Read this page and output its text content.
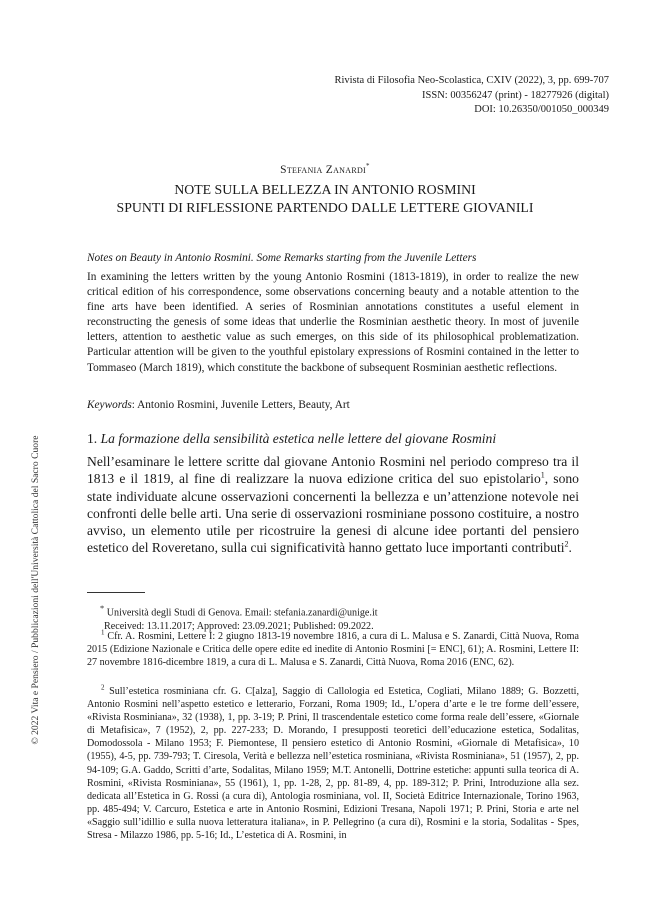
© 2022 Vita e Pensiero / Pubblicazioni dell'Università Cattolica del Sacro Cuore
Rivista di Filosofia Neo-Scolastica, CXIV (2022), 3, pp. 699-707
ISSN: 00356247 (print) - 18277926 (digital)
DOI: 10.26350/001050_000349
Stefania Zanardi*
NOTE SULLA BELLEZZA IN ANTONIO ROSMINI
SPUNTI DI RIFLESSIONE PARTENDO DALLE LETTERE GIOVANILI
Notes on Beauty in Antonio Rosmini. Some Remarks starting from the Juvenile Letters

In examining the letters written by the young Antonio Rosmini (1813-1819), in order to realize the new critical edition of his correspondence, some observations concerning beauty and a notable attention to the fine arts have been identified. A series of Rosminian annotations constitutes a useful element in reconstructing the genesis of some ideas that underlie the Rosminian aesthetic theory. In most of juvenile letters, attention to aesthetic value as such emerges, on this side of its philosophical problematization. Particular attention will be given to the youthful epistolary expressions of Rosmini contained in the letter to Tommaseo (March 1819), which constitute the backbone of subsequent Rosminian aesthetic reflections.

Keywords: Antonio Rosmini, Juvenile Letters, Beauty, Art
1. La formazione della sensibilità estetica nelle lettere del giovane Rosmini

Nell’esaminare le lettere scritte dal giovane Antonio Rosmini nel periodo compreso tra il 1813 e il 1819, al fine di realizzare la nuova edizione critica del suo epistolario$^1$, sono state individuate alcune osservazioni concernenti la bellezza e un’attenzione notevole nei confronti delle belle arti. Una serie di osservazioni rosminiane possono costituire, a nostro avviso, un elemento utile per ricostruire la genesi di alcune idee portanti del pensiero estetico del Roveretano, sulla cui significatività hanno gettato luce importanti contributi$^2$.

* Università degli Studi di Genova. Email: stefania.zanardi@unige.it
Received: 13.11.2017; Approved: 23.09.2021; Published: 09.2022.

$^1$ Cfr. A. Rosmini, Lettere I: 2 giugno 1813-19 novembre 1816, a cura di L. Malusa e S. Zanardi, Città Nuova, Roma 2015 (Edizione Nazionale e Critica delle opere edite ed inedite di Antonio Rosmini [= ENC], 61); A. Rosmini, Lettere II: 27 novembre 1816-dicembre 1819, a cura di L. Malusa e S. Zanardi, Città Nuova, Roma 2016 (ENC, 62).

$^2$ Sull’estetica rosminiana cfr. G. C[alza], Saggio di Callologia ed Estetica, Cogliati, Milano 1889; G. Bozzetti, Antonio Rosmini nell’aspetto estetico e letterario, Forzani, Roma 1909; Id., L’opera d’arte e le tre forme dell’essere, «Rivista Rosminiana», 32 (1938), 1, pp. 3-19; P. Prini, Il trascendentale estetico come forma reale dell’essere, «Giornale di Metafisica», 7 (1952), 2, pp. 227-233; D. Morando, I presupposti teoretici dell’educazione estetica, Sodalitas, Domodossola - Milano 1953; F. Piemontese, Il pensiero estetico di Antonio Rosmini, «Giornale di Metafisica», 10 (1955), 4-5, pp. 739-793; T. Ciresola, Verità e bellezza nell’estetica rosminiana, «Rivista Rosminiana», 51 (1957), 2, pp. 94-109; G.A. Gaddo, Scritti d’arte, Sodalitas, Milano 1959; M.T. Antonelli, Dottrine estetiche: appunti sulla teorica di A. Rosmini, «Rivista Rosminiana», 55 (1961), 1, pp. 1-28, 2, pp. 81-89, 4, pp. 189-312; P. Prini, Introduzione alla sez. dedicata all’Estetica in G. Rossi (a cura di), Antologia rosminiana, vol. II, Società Editrice Internazionale, Torino 1963, pp. 485-494; V. Carcuro, Estetica e arte in Antonio Rosmini, Edizioni Tresana, Napoli 1971; P. Prini, Storia e arte nel «Saggio sull’idillio e sulla nuova letteratura italiana», in P. Pellegrino (a cura di), Rosmini e la storia, Sodalitas - Spes, Stresa - Milazzo 1986, pp. 5-16; Id., L’estetica di A. Rosmini, in
